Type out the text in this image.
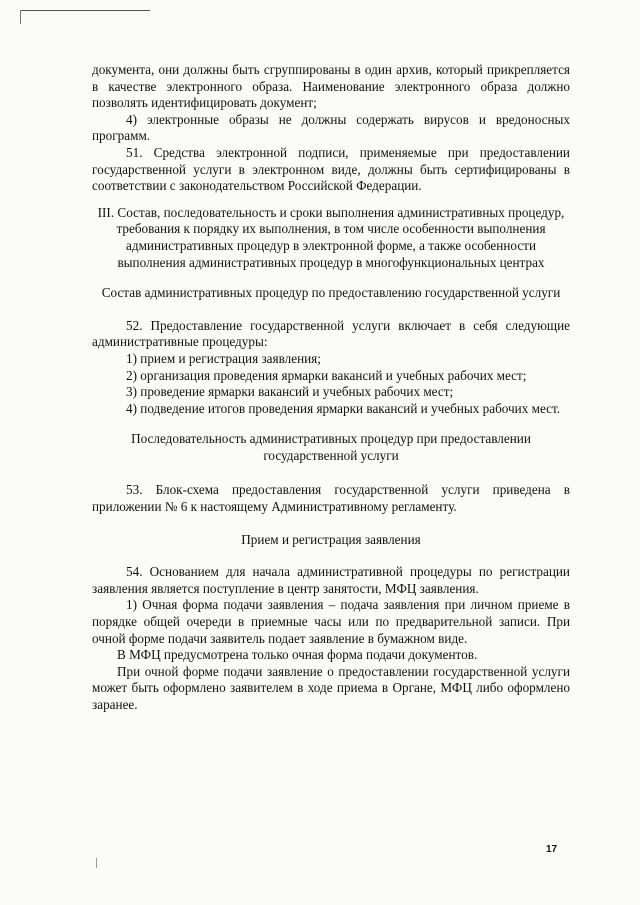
документа, они должны быть сгруппированы в один архив, который прикрепляется в качестве электронного образа. Наименование электронного образа должно позволять идентифицировать документ;

4) электронные образы не должны содержать вирусов и вредоносных программ.

51. Средства электронной подписи, применяемые при предоставлении государственной услуги в электронном виде, должны быть сертифицированы в соответствии с законодательством Российской Федерации.

III. Состав, последовательность и сроки выполнения административных процедур, требования к порядку их выполнения, в том числе особенности выполнения административных процедур в электронной форме, а также особенности выполнения административных процедур в многофункциональных центрах
Состав административных процедур по предоставлению государственной услуги

52. Предоставление государственной услуги включает в себя следующие административные процедуры:

1) прием и регистрация заявления;

2) организация проведения ярмарки вакансий и учебных рабочих мест;

3) проведение ярмарки вакансий и учебных рабочих мест;

4) подведение итогов проведения ярмарки вакансий и учебных рабочих мест.

Последовательность административных процедур при предоставлении государственной услуги

53. Блок-схема предоставления государственной услуги приведена в приложении № 6 к настоящему Административному регламенту.

Прием и регистрация заявления

54. Основанием для начала административной процедуры по регистрации заявления является поступление в центр занятости, МФЦ заявления.

1) Очная форма подачи заявления – подача заявления при личном приеме в порядке общей очереди в приемные часы или по предварительной записи. При очной форме подачи заявитель подает заявление в бумажном виде.

В МФЦ предусмотрена только очная форма подачи документов.

При очной форме подачи заявление о предоставлении государственной услуги может быть оформлено заявителем в ходе приема в Органе, МФЦ либо оформлено заранее.

17
